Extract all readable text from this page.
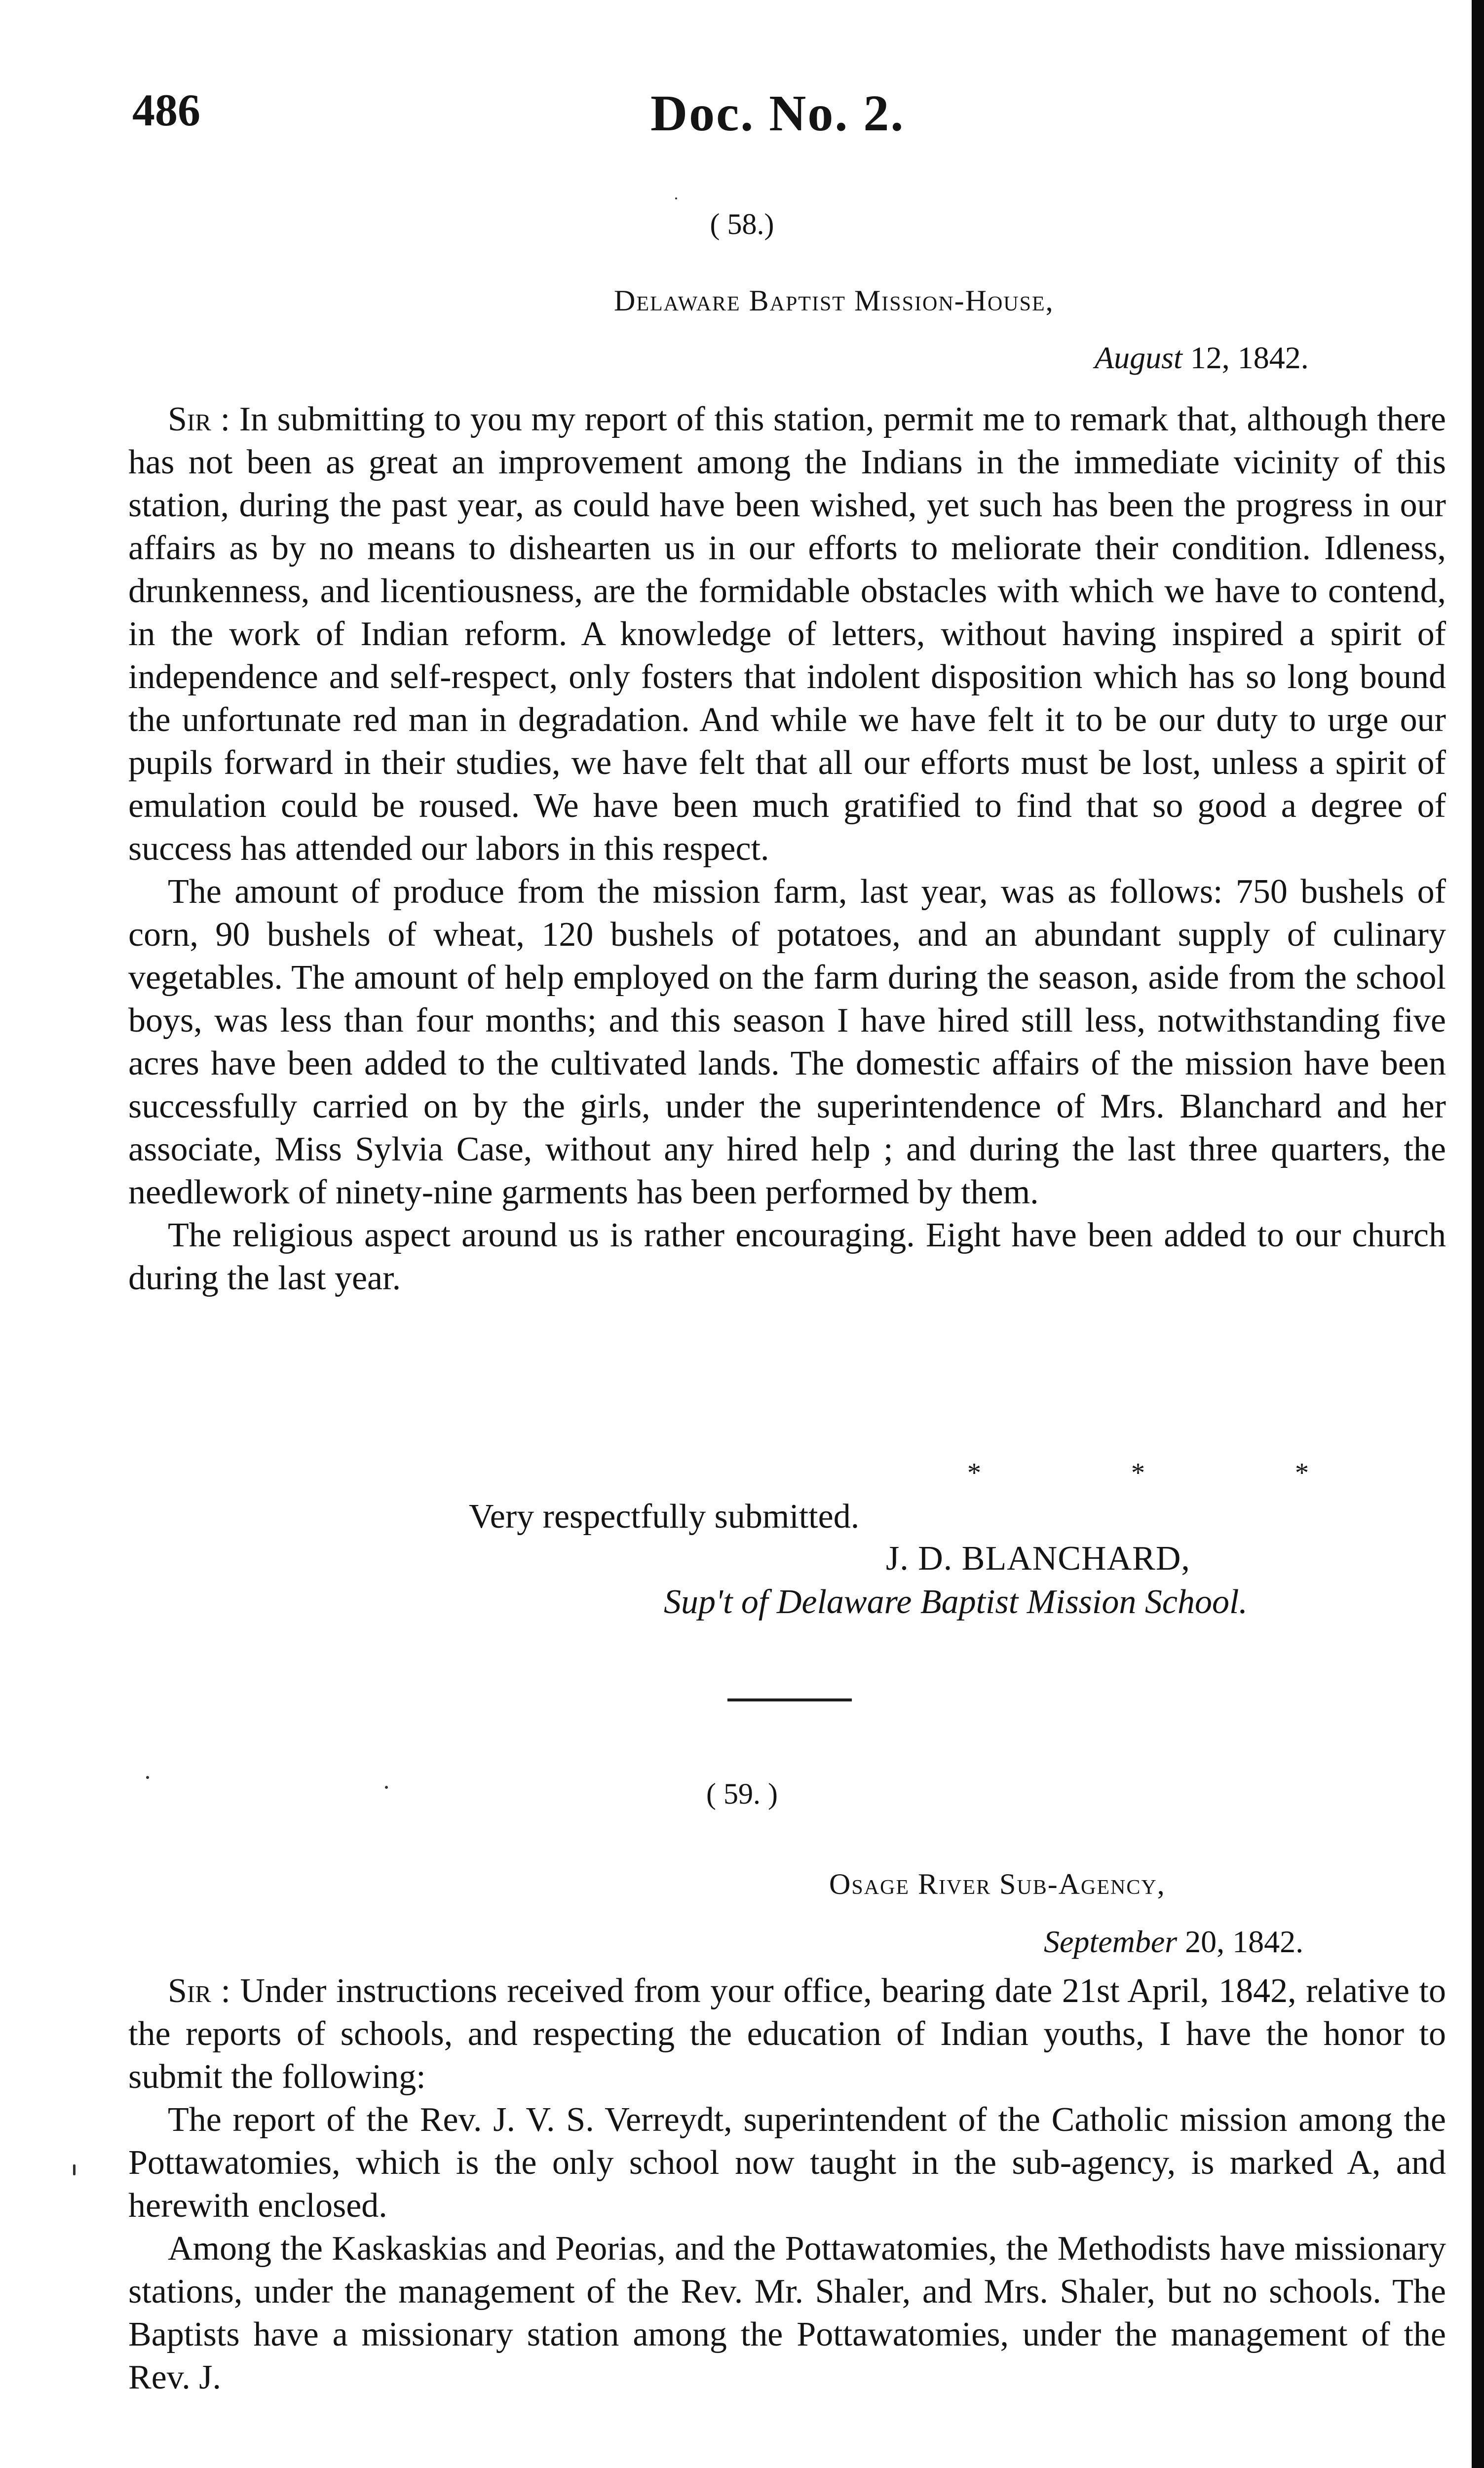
486	Doc. No. 2.
( 58.)
Delaware Baptist Mission-House,
August 12, 1842.

Sir : In submitting to you my report of this station, permit me to remark that, although there has not been as great an improvement among the Indians in the immediate vicinity of this station, during the past year, as could have been wished, yet such has been the progress in our affairs as by no means to dishearten us in our efforts to meliorate their condition. Idleness, drunkenness, and licentiousness, are the formidable obstacles with which we have to contend, in the work of Indian reform. A knowledge of letters, without having inspired a spirit of independence and self-respect, only fosters that indolent disposition which has so long bound the unfortunate red man in degradation. And while we have felt it to be our duty to urge our pupils forward in their studies, we have felt that all our efforts must be lost, unless a spirit of emulation could be roused. We have been much gratified to find that so good a degree of success has attended our labors in this respect.

The amount of produce from the mission farm, last year, was as follows: 750 bushels of corn, 90 bushels of wheat, 120 bushels of potatoes, and an abundant supply of culinary vegetables. The amount of help employed on the farm during the season, aside from the school boys, was less than four months; and this season I have hired still less, notwithstanding five acres have been added to the cultivated lands. The domestic affairs of the mission have been successfully carried on by the girls, under the superintendence of Mrs. Blanchard and her associate, Miss Sylvia Case, without any hired help ; and during the last three quarters, the needlework of ninety-nine garments has been performed by them.

The religious aspect around us is rather encouraging. Eight have been added to our church during the last year.

* * *
Very respectfully submitted.
J. D. BLANCHARD,
Sup't of Delaware Baptist Mission School.
( 59. )
Osage River Sub-Agency,
September 20, 1842.

Sir : Under instructions received from your office, bearing date 21st April, 1842, relative to the reports of schools, and respecting the education of Indian youths, I have the honor to submit the following:

The report of the Rev. J. V. S. Verreydt, superintendent of the Catholic mission among the Pottawatomies, which is the only school now taught in the sub-agency, is marked A, and herewith enclosed.

Among the Kaskaskias and Peorias, and the Pottawatomies, the Methodists have missionary stations, under the management of the Rev. Mr. Shaler, and Mrs. Shaler, but no schools. The Baptists have a missionary station among the Pottawatomies, under the management of the Rev. J.
